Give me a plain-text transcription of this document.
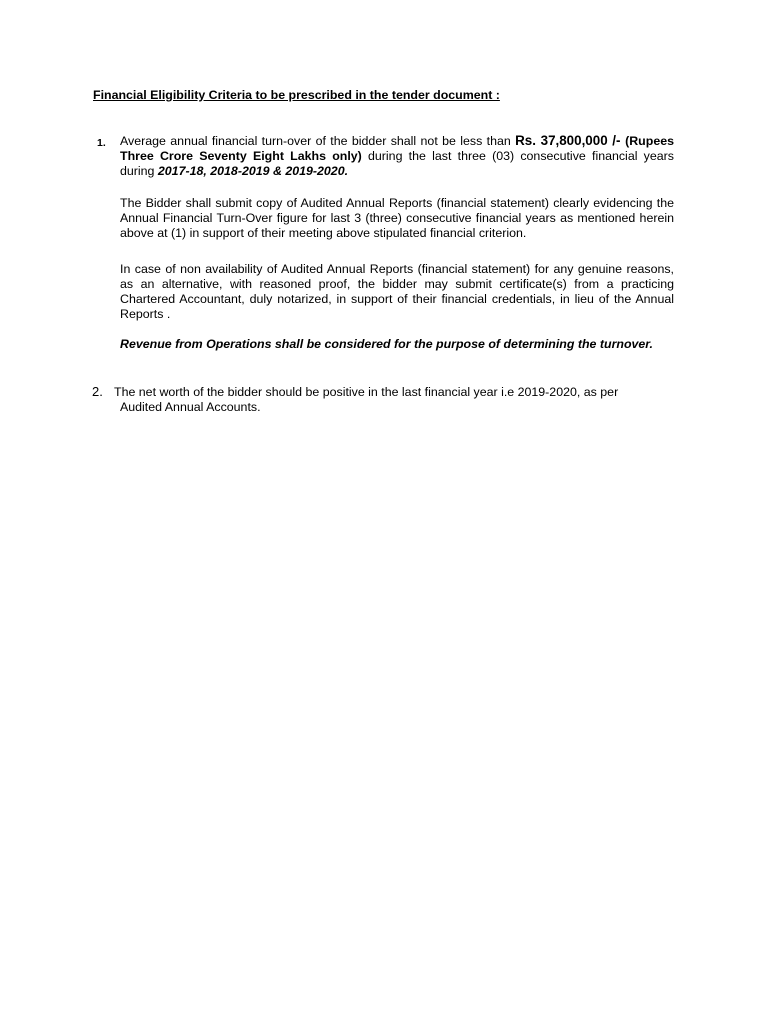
Financial Eligibility Criteria to be prescribed in the tender document :
1. Average annual financial turn-over of the bidder shall not be less than Rs. 37,800,000 /- (Rupees Three Crore Seventy Eight Lakhs only) during the last three (03) consecutive financial years during 2017-18, 2018-2019 & 2019-2020.
The Bidder shall submit copy of Audited Annual Reports (financial statement) clearly evidencing the Annual Financial Turn-Over figure for last 3 (three) consecutive financial years as mentioned herein above at (1) in support of their meeting above stipulated financial criterion.
In case of non availability of Audited Annual Reports (financial statement) for any genuine reasons, as an alternative, with reasoned proof, the bidder may submit certificate(s) from a practicing Chartered Accountant, duly notarized, in support of their financial credentials, in lieu of the Annual Reports .
Revenue from Operations shall be considered for the purpose of determining the turnover.
2. The net worth of the bidder should be positive in the last financial year i.e 2019-2020, as per
Audited Annual Accounts.
